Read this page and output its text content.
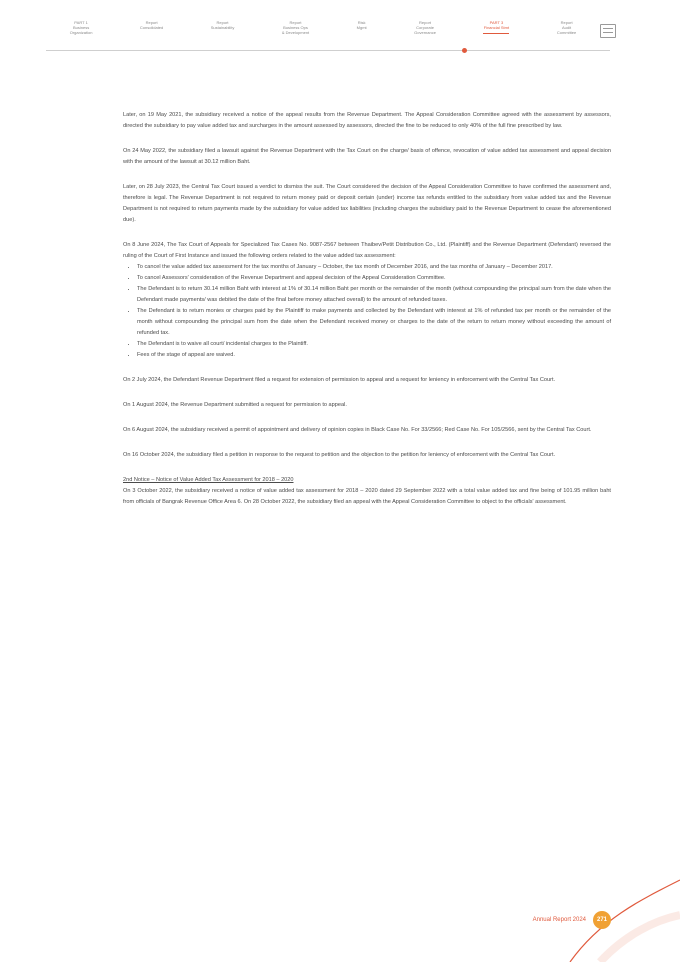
PART 1
Business
Organization
Report
Consolidated
Report
Sustainability
Report
Business Ops
& Development
Risk
Mgmt
Report
Corporate
Governance
PART 3
Financial Stmt
Report
Audit
Committee

Later, on 19 May 2021, the subsidiary received a notice of the appeal results from the Revenue Department. The Appeal Consideration Committee agreed with the assessment by assessors, directed the subsidiary to pay value added tax and surcharges in the amount assessed by assessors, directed the fine to be reduced to only 40% of the full fine prescribed by law.

On 24 May 2022, the subsidiary filed a lawsuit against the Revenue Department with the Tax Court on the charge/ basis of offence, revocation of value added tax assessment and appeal decision with the amount of the lawsuit at 30.12 million Baht.

Later, on 28 July 2023, the Central Tax Court issued a verdict to dismiss the suit. The Court considered the decision of the Appeal Consideration Committee to have confirmed the assessment and, therefore is legal. The Revenue Department is not required to return money paid or deposit certain (under) income tax refunds entitled to the subsidiary from value added tax and the Revenue Department is not required to return payments made by the subsidiary for value added tax liabilities (including charges the subsidiary paid to the Revenue Department to cease the aforementioned due).

On 8 June 2024, The Tax Court of Appeals for Specialized Tax Cases No. 9087-2567 between Thaibev/Petit Distribution Co., Ltd. (Plaintiff) and the Revenue Department (Defendant) reversed the ruling of the Court of First Instance and issued the following orders related to the value added tax assessment:

• To cancel the value added tax assessment for the tax months of January – October, the tax month of December 2016, and the tax months of January – December 2017.
• To cancel Assessors' consideration of the Revenue Department and appeal decision of the Appeal Consideration Committee.
• The Defendant is to return 30.14 million Baht with interest at 1% of 30.14 million Baht per month or the remainder of the month (without compounding the principal sum from the date when the Defendant made payments/ was debited the date of the final before money attached overall) to the amount of refunded taxes.
• The Defendant is to return monies or charges paid by the Plaintiff to make payments and collected by the Defendant with interest at 1% of refunded tax per month or the remainder of the month without compounding the principal sum from the date when the Defendant received money or charges to the date of the return to return money without exceeding the amount of refunded tax.
• The Defendant is to waive all court/ incidental charges to the Plaintiff.
• Fees of the stage of appeal are waived.

On 2 July 2024, the Defendant Revenue Department filed a request for extension of permission to appeal and a request for leniency in enforcement with the Central Tax Court.

On 1 August 2024, the Revenue Department submitted a request for permission to appeal.

On 6 August 2024, the subsidiary received a permit of appointment and delivery of opinion copies in Black Case No. For 33/2566; Red Case No. For 105/2566, sent by the Central Tax Court.

On 16 October 2024, the subsidiary filed a petition in response to the request to petition and the objection to the petition for leniency of enforcement with the Central Tax Court.

2nd Notice – Notice of Value Added Tax Assessment for 2018 – 2020

On 3 October 2022, the subsidiary received a notice of value added tax assessment for 2018 – 2020 dated 29 September 2022 with a total value added tax and fine being of 101.95 million baht from officials of Bangrak Revenue Office Area 6. On 28 October 2022, the subsidiary filed an appeal with the Appeal Consideration Committee to object to the officials' assessment.

Annual Report 2024	271
